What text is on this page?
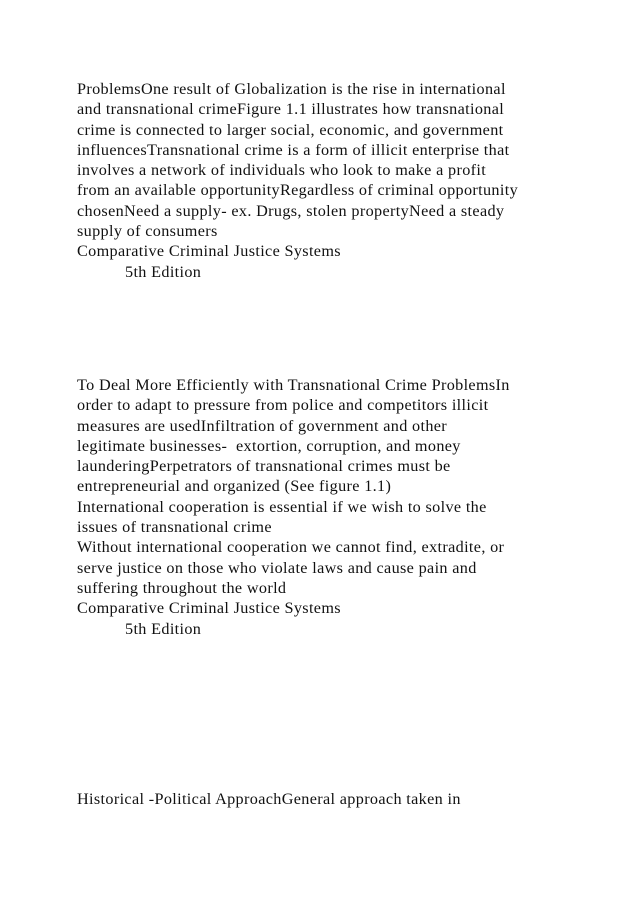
ProblemsOne result of Globalization is the rise in international
and transnational crimeFigure 1.1 illustrates how transnational
crime is connected to larger social, economic, and government
influencesTransnational crime is a form of illicit enterprise that
involves a network of individuals who look to make a profit
from an available opportunityRegardless of criminal opportunity
chosenNeed a supply- ex. Drugs, stolen propertyNeed a steady
supply of consumers
Comparative Criminal Justice Systems
5th Edition
To Deal More Efficiently with Transnational Crime ProblemsIn
order to adapt to pressure from police and competitors illicit
measures are usedInfiltration of government and other
legitimate businesses-  extortion, corruption, and money
launderingPerpetrators of transnational crimes must be
entrepreneurial and organized (See figure 1.1)
International cooperation is essential if we wish to solve the
issues of transnational crime
Without international cooperation we cannot find, extradite, or
serve justice on those who violate laws and cause pain and
suffering throughout the world
Comparative Criminal Justice Systems
5th Edition
Historical -Political ApproachGeneral approach taken in
